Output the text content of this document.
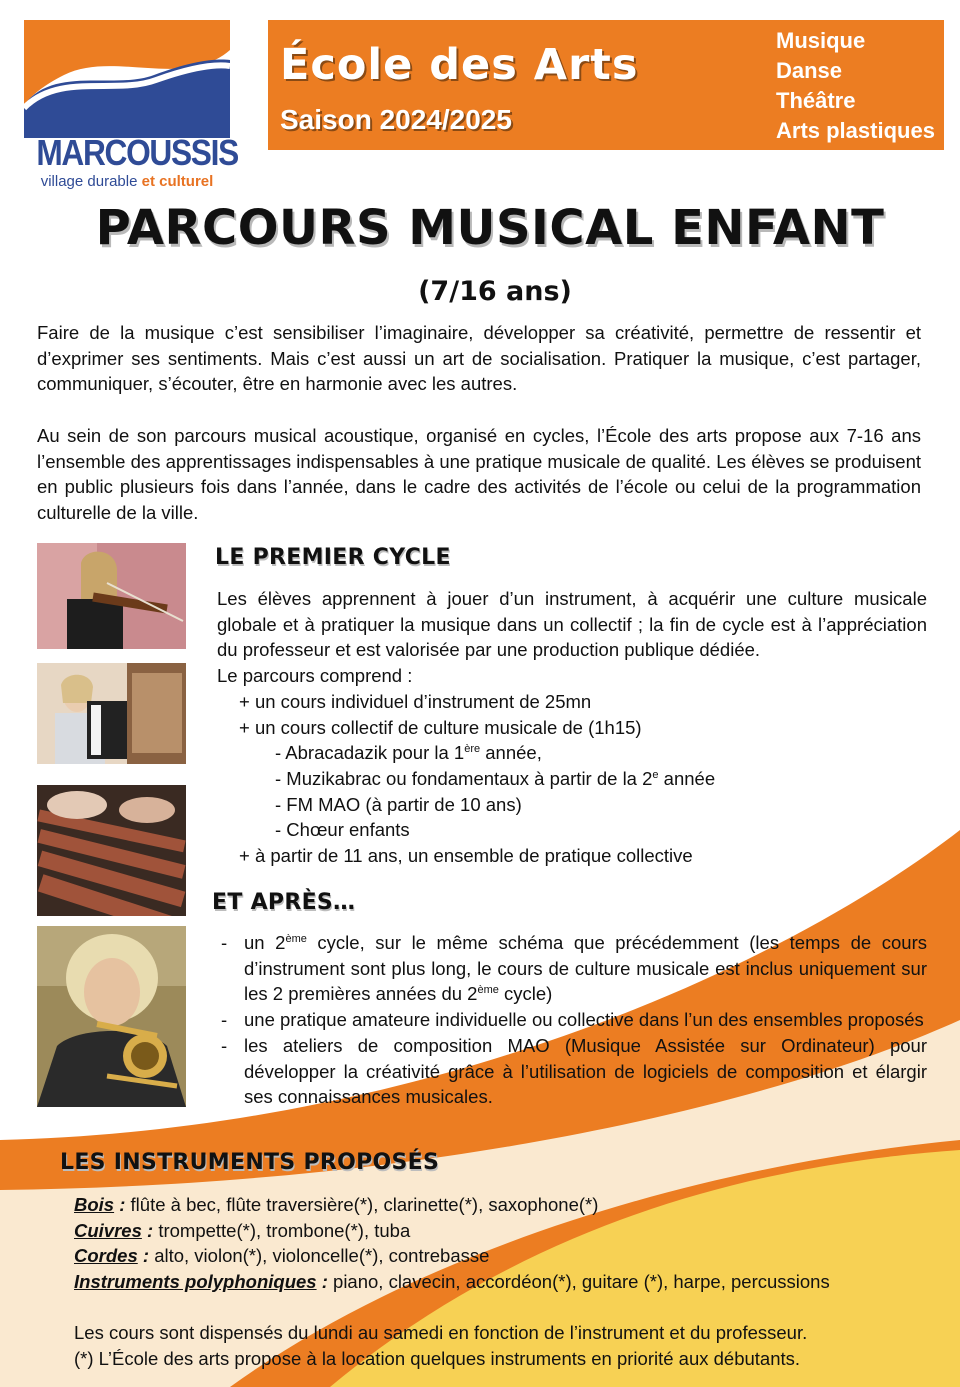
MARCOUSSIS
village durable et culturel
École des Arts
Saison 2024/2025
Musique
Danse
Théâtre
Arts plastiques
PARCOURS MUSICAL ENFANT
(7/16 ans)

Faire de la musique c’est sensibiliser l’imaginaire, développer sa créativité, permettre de ressentir et d’exprimer ses sentiments. Mais c’est aussi un art de socialisation. Pratiquer la musique, c’est partager, communiquer, s’écouter, être en harmonie avec les autres.

Au sein de son parcours musical acoustique, organisé en cycles, l’École des arts propose aux 7-16 ans l’ensemble des apprentissages indispensables à une pratique musicale de qualité. Les élèves se produisent en public plusieurs fois dans l’année, dans le cadre des activités de l’école ou celui de la programmation culturelle de la ville.

LE PREMIER CYCLE

Les élèves apprennent à jouer d’un instrument, à acquérir une culture musicale globale et à pratiquer la musique dans un collectif ; la fin de cycle est à l’appréciation du professeur et est valorisée par une production publique dédiée.

Le parcours comprend :

+ un cours individuel d’instrument de 25mn

+ un cours collectif de culture musicale de (1h15)

- Abracadazik pour la 1ère année,

- Muzikabrac ou fondamentaux à partir de la 2e année

- FM MAO (à partir de 10 ans)

- Chœur enfants

+ à partir de 11 ans, un ensemble de pratique collective

ET APRÈS…
- un 2ème cycle, sur le même schéma que précédemment (les temps de cours d’instrument sont plus long, le cours de culture musicale est inclus uniquement sur les 2 premières années du 2ème cycle)
- une pratique amateure individuelle ou collective dans l’un des ensembles proposés
- les ateliers de composition MAO (Musique Assistée sur Ordinateur) pour développer la créativité grâce à l’utilisation de logiciels de composition et élargir ses connaissances musicales.
LES INSTRUMENTS PROPOSÉS

Bois : flûte à bec, flûte traversière(*), clarinette(*), saxophone(*)

Cuivres : trompette(*), trombone(*), tuba

Cordes : alto, violon(*), violoncelle(*), contrebasse

Instruments polyphoniques : piano, clavecin, accordéon(*), guitare (*), harpe, percussions

Les cours sont dispensés du lundi au samedi en fonction de l’instrument et du professeur.

(*) L’École des arts propose à la location quelques instruments en priorité aux débutants.
